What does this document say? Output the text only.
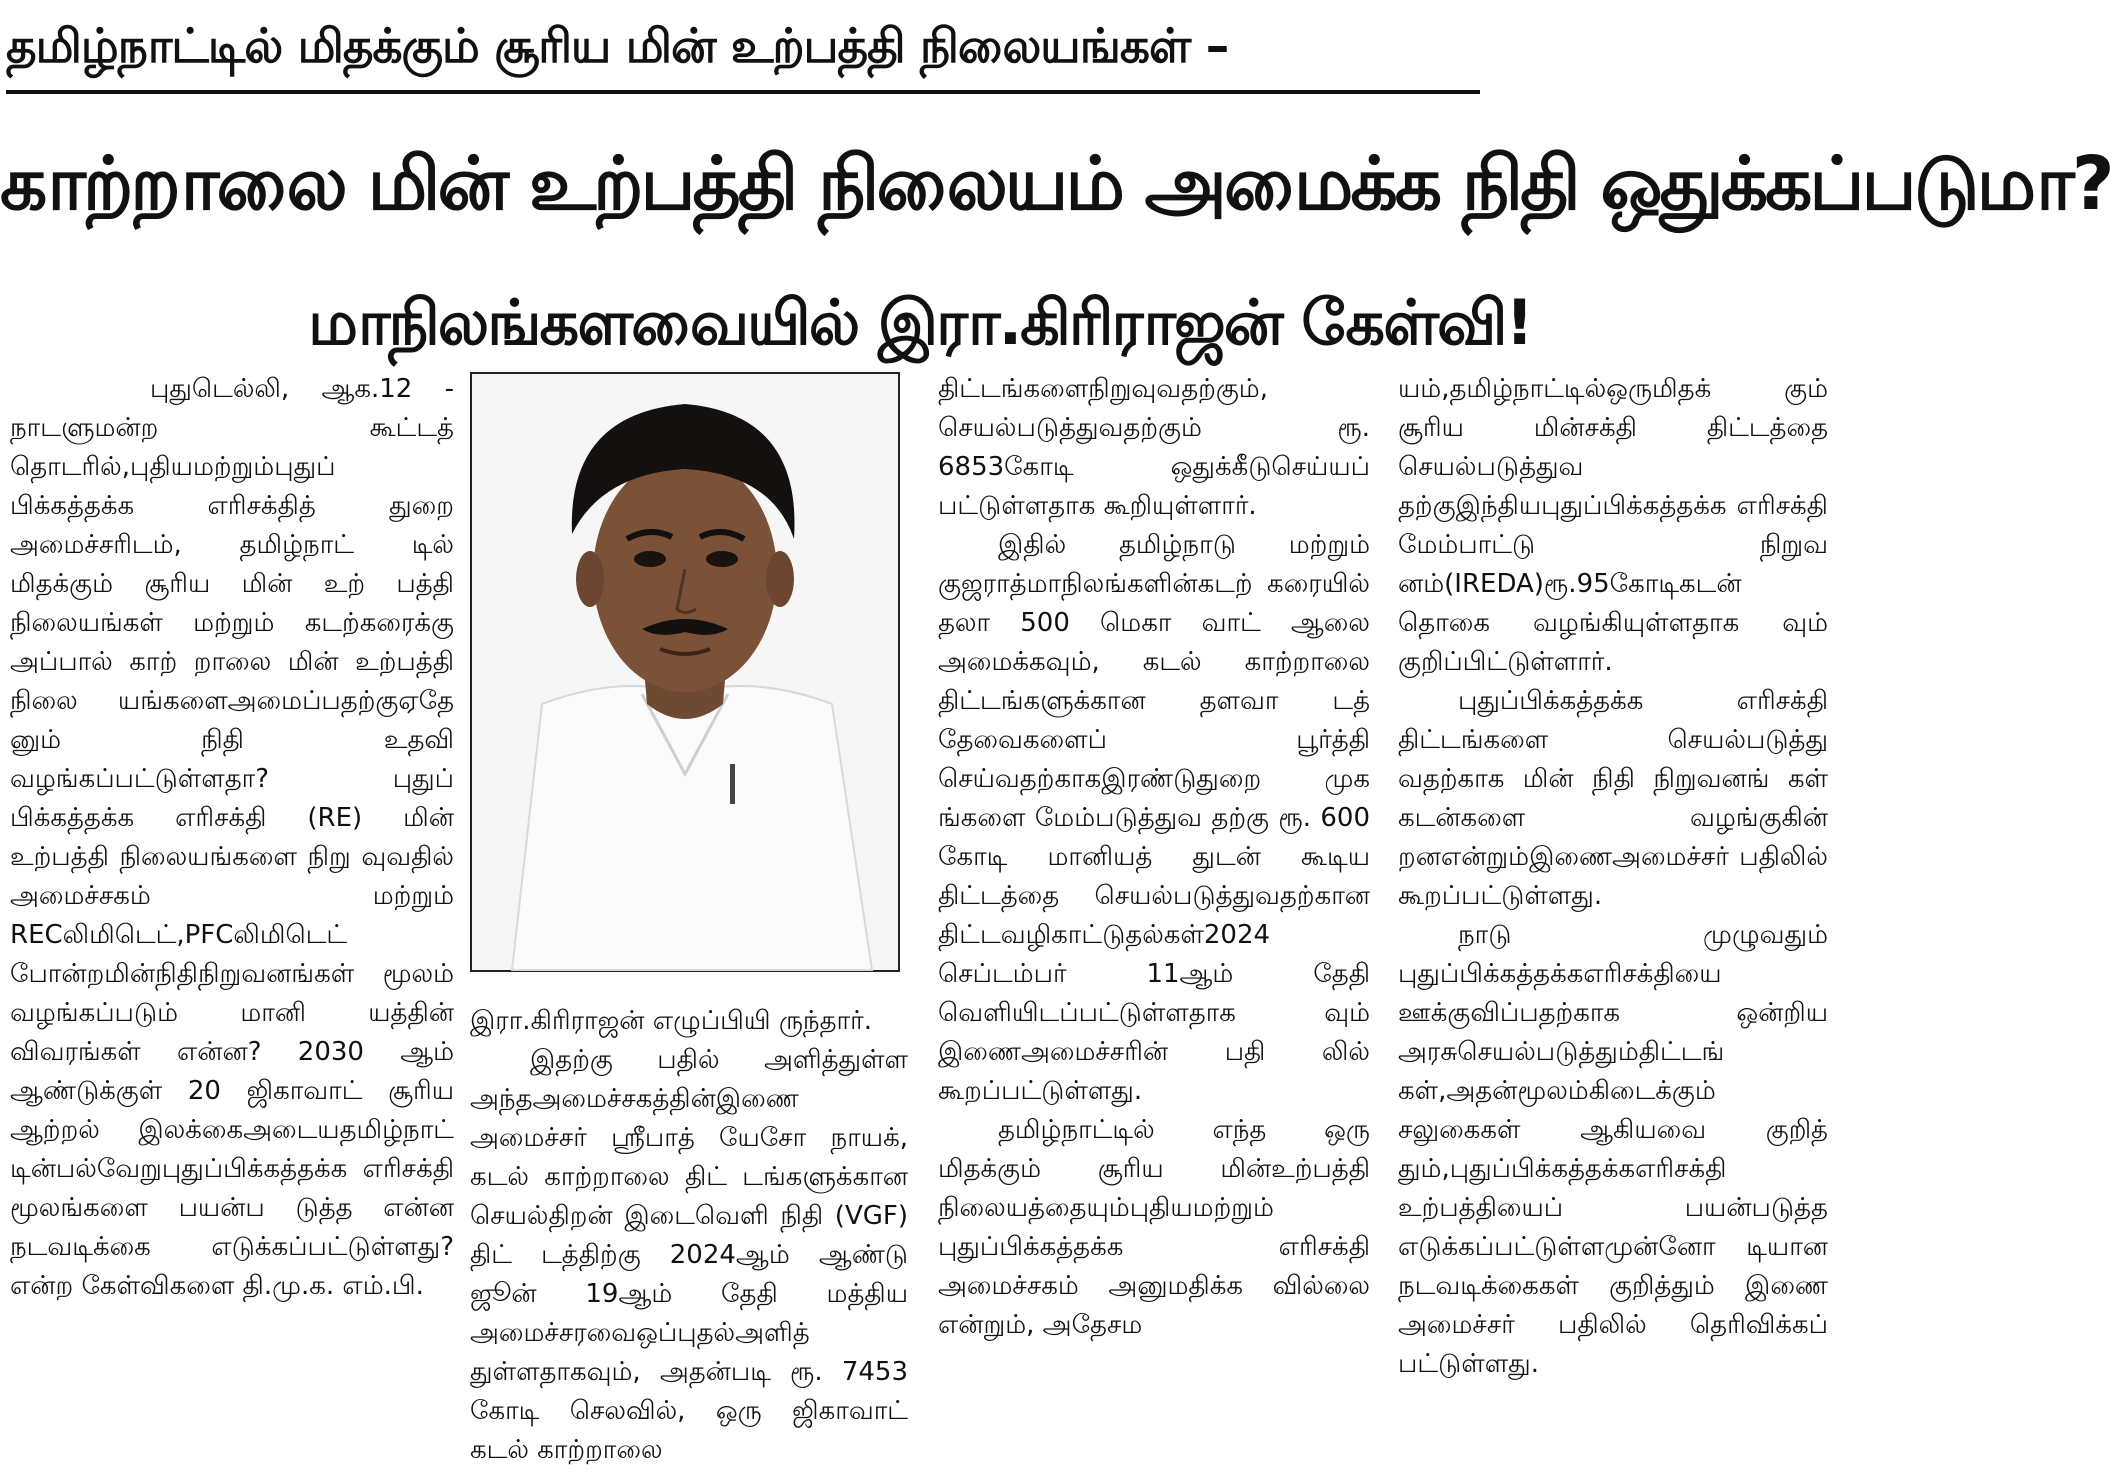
தமிழ்நாட்டில் மிதக்கும் சூரிய மின் உற்பத்தி நிலையங்கள் –
காற்றாலை மின் உற்பத்தி நிலையம் அமைக்க நிதி ஒதுக்கப்படுமா?
மாநிலங்களவையில் இரா.கிரிராஜன் கேள்வி!

புதுடெல்லி, ஆக.12 - நாடளுமன்ற கூட்டத் தொடரில்,புதியமற்றும்புதுப் பிக்கத்தக்க எரிசக்தித் துறை அமைச்சரிடம், தமிழ்நாட் டில் மிதக்கும் சூரிய மின் உற் பத்தி நிலையங்கள் மற்றும் கடற்கரைக்கு அப்பால் காற் றாலை மின் உற்பத்தி நிலை யங்களைஅமைப்பதற்குஏதே னும் நிதி உதவி வழங்கப்பட்டுள்ளதா? புதுப் பிக்கத்தக்க எரிசக்தி (RE) மின் உற்பத்தி நிலையங்களை நிறு வுவதில் அமைச்சகம் மற்றும் RECலிமிடெட்,PFCலிமிடெட் போன்றமின்நிதிநிறுவனங்கள் மூலம் வழங்கப்படும் மானி யத்தின் விவரங்கள் என்ன? 2030 ஆம் ஆண்டுக்குள் 20 ஜிகாவாட் சூரிய ஆற்றல் இலக்கைஅடையதமிழ்நாட் டின்பல்வேறுபுதுப்பிக்கத்தக்க எரிசக்தி மூலங்களை பயன்ப டுத்த என்ன நடவடிக்கை எடுக்கப்பட்டுள்ளது? என்ற கேள்விகளை தி.மு.க. எம்.பி.

இரா.கிரிராஜன் எழுப்பியி ருந்தார்.

இதற்கு பதில் அளித்துள்ள அந்தஅமைச்சகத்தின்இணை அமைச்சர் ஸ்ரீபாத் யேசோ நாயக், கடல் காற்றாலை திட் டங்களுக்கான செயல்திறன் இடைவெளி நிதி (VGF) திட் டத்திற்கு 2024ஆம் ஆண்டு ஜூன் 19ஆம் தேதி மத்திய அமைச்சரவைஒப்புதல்அளித் துள்ளதாகவும், அதன்படி ரூ. 7453 கோடி செலவில், ஒரு ஜிகாவாட் கடல் காற்றாலை

திட்டங்களைநிறுவுவதற்கும், செயல்படுத்துவதற்கும் ரூ. 6853கோடி ஒதுக்கீடுசெய்யப் பட்டுள்ளதாக கூறியுள்ளார்.

இதில் தமிழ்நாடு மற்றும் குஜராத்மாநிலங்களின்கடற் கரையில் தலா 500 மெகா வாட் ஆலை அமைக்கவும், கடல் காற்றாலை திட்டங்களுக்கான தளவா டத் தேவைகளைப் பூர்த்தி செய்வதற்காகஇரண்டுதுறை முக ங்களை மேம்படுத்துவ தற்கு ரூ. 600 கோடி மானியத் துடன் கூடிய திட்டத்தை செயல்படுத்துவதற்கான திட்டவழிகாட்டுதல்கள்2024 செப்டம்பர் 11ஆம் தேதி வெளியிடப்பட்டுள்ளதாக வும் இணைஅமைச்சரின் பதி லில் கூறப்பட்டுள்ளது.

தமிழ்நாட்டில் எந்த ஒரு மிதக்கும் சூரிய மின்உற்பத்தி நிலையத்தையும்புதியமற்றும் புதுப்பிக்கத்தக்க எரிசக்தி அமைச்சகம் அனுமதிக்க வில்லை என்றும், அதேசம

யம்,தமிழ்நாட்டில்ஒருமிதக் கும் சூரிய மின்சக்தி திட்டத்தை செயல்படுத்துவ தற்குஇந்தியபுதுப்பிக்கத்தக்க எரிசக்தி மேம்பாட்டு நிறுவ னம்(IREDA)ரூ.95கோடிகடன் தொகை வழங்கியுள்ளதாக வும் குறிப்பிட்டுள்ளார்.

புதுப்பிக்கத்தக்க எரிசக்தி திட்டங்களை செயல்படுத்து வதற்காக மின் நிதி நிறுவனங் கள் கடன்களை வழங்குகின் றனஎன்றும்இணைஅமைச்சர் பதிலில் கூறப்பட்டுள்ளது.

நாடு முழுவதும் புதுப்பிக்கத்தக்கஎரிசக்தியை ஊக்குவிப்பதற்காக ஒன்றிய அரசுசெயல்படுத்தும்திட்டங் கள்,அதன்மூலம்கிடைக்கும் சலுகைகள் ஆகியவை குறித் தும்,புதுப்பிக்கத்தக்கஎரிசக்தி உற்பத்தியைப் பயன்படுத்த எடுக்கப்பட்டுள்ளமுன்னோ டியான நடவடிக்கைகள் குறித்தும் இணை அமைச்சர் பதிலில் தெரிவிக்கப் பட்டுள்ளது.
